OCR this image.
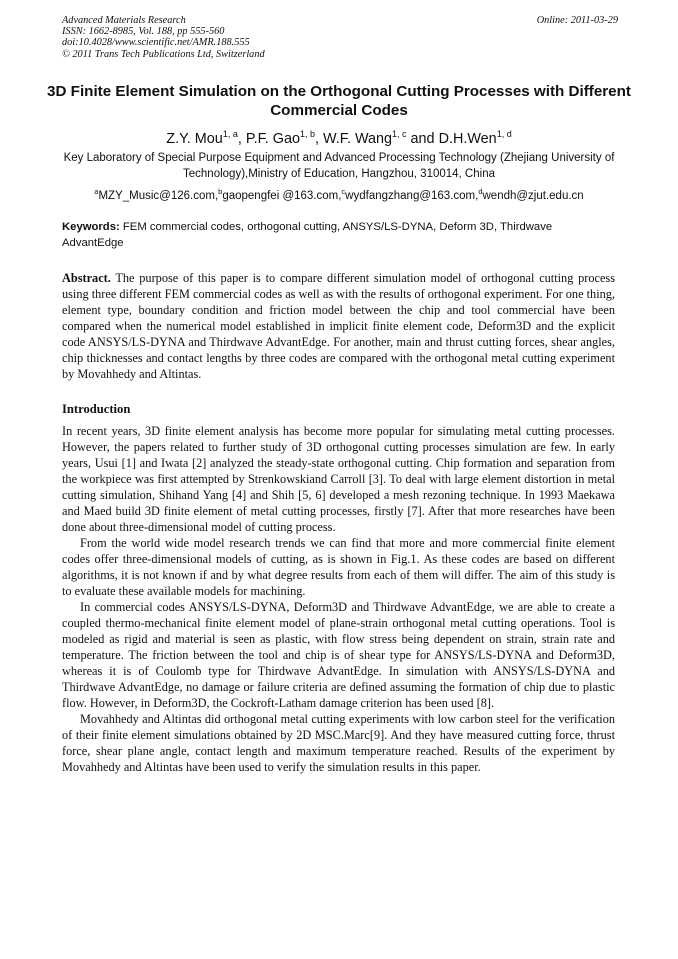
Advanced Materials Research
ISSN: 1662-8985, Vol. 188, pp 555-560
doi:10.4028/www.scientific.net/AMR.188.555
© 2011 Trans Tech Publications Ltd, Switzerland
Online: 2011-03-29
3D Finite Element Simulation on the Orthogonal Cutting Processes with Different Commercial Codes
Z.Y. Mou$^{1, a}$, P.F. Gao$^{1, b}$, W.F. Wang$^{1, c}$ and D.H.Wen$^{1, d}$
Key Laboratory of Special Purpose Equipment and Advanced Processing Technology (Zhejiang University of Technology),Ministry of Education, Hangzhou, 310014, China
$^a$MZY_Music@126.com,$^b$gaopengfei @163.com,$^c$wydfangzhang@163.com,$^d$wendh@zjut.edu.cn
Keywords: FEM commercial codes, orthogonal cutting, ANSYS/LS-DYNA, Deform 3D, Thirdwave AdvantEdge
Abstract. The purpose of this paper is to compare different simulation model of orthogonal cutting process using three different FEM commercial codes as well as with the results of orthogonal experiment. For one thing, element type, boundary condition and friction model between the chip and tool commercial have been compared when the numerical model established in implicit finite element code, Deform3D and the explicit code ANSYS/LS-DYNA and Thirdwave AdvantEdge. For another, main and thrust cutting forces, shear angles, chip thicknesses and contact lengths by three codes are compared with the orthogonal metal cutting experiment by Movahhedy and Altintas.
Introduction

In recent years, 3D finite element analysis has become more popular for simulating metal cutting processes. However, the papers related to further study of 3D orthogonal cutting processes simulation are few. In early years, Usui [1] and Iwata [2] analyzed the steady-state orthogonal cutting. Chip formation and separation from the workpiece was first attempted by Strenkowskiand Carroll [3]. To deal with large element distortion in metal cutting simulation, Shihand Yang [4] and Shih [5, 6] developed a mesh rezoning technique. In 1993 Maekawa and Maed build 3D finite element of metal cutting processes, firstly [7]. After that more researches have been done about three-dimensional model of cutting process.

From the world wide model research trends we can find that more and more commercial finite element codes offer three-dimensional models of cutting, as is shown in Fig.1. As these codes are based on different algorithms, it is not known if and by what degree results from each of them will differ. The aim of this study is to evaluate these available models for machining.

In commercial codes ANSYS/LS-DYNA, Deform3D and Thirdwave AdvantEdge, we are able to create a coupled thermo-mechanical finite element model of plane-strain orthogonal metal cutting operations. Tool is modeled as rigid and material is seen as plastic, with flow stress being dependent on strain, strain rate and temperature. The friction between the tool and chip is of shear type for ANSYS/LS-DYNA and Deform3D, whereas it is of Coulomb type for Thirdwave AdvantEdge. In simulation with ANSYS/LS-DYNA and Thirdwave AdvantEdge, no damage or failure criteria are defined assuming the formation of chip due to plastic flow. However, in Deform3D, the Cockroft-Latham damage criterion has been used [8].

Movahhedy and Altintas did orthogonal metal cutting experiments with low carbon steel for the verification of their finite element simulations obtained by 2D MSC.Marc[9]. And they have measured cutting force, thrust force, shear plane angle, contact length and maximum temperature reached. Results of the experiment by Movahhedy and Altintas have been used to verify the simulation results in this paper.
